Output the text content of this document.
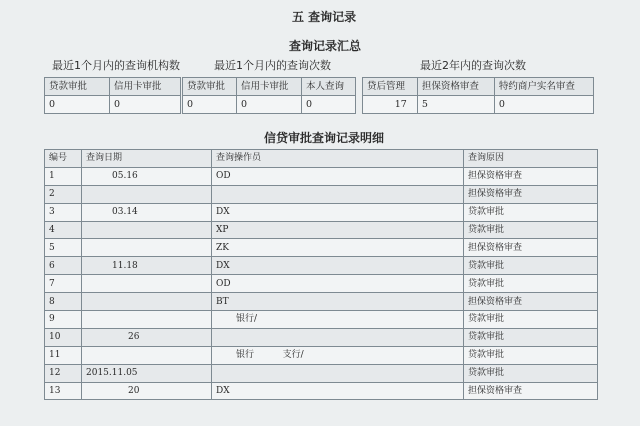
五 查询记录
查询记录汇总
最近1个月内的查询机构数	最近1个月内的查询次数	最近2年内的查询次数
贷款审批	信用卡审批
0	0
贷款审批	信用卡审批	本人查询
0	0	0
贷后管理	担保资格审查	特约商户实名审查
17	5	0
信贷审批查询记录明细
编号	查询日期	查询操作员	查询原因
1	05.16	OD	担保资格审查
2			担保资格审查
3	03.14	DX	贷款审批
4		XP	贷款审批
5		ZK	担保资格审查
6	11.18	DX	贷款审批
7		OD	贷款审批
8		BT	担保资格审查
9		银行/	贷款审批
10	26		贷款审批
11		银行          支行/	贷款审批
12	2015.11.05		贷款审批
13	20	DX	担保资格审查
